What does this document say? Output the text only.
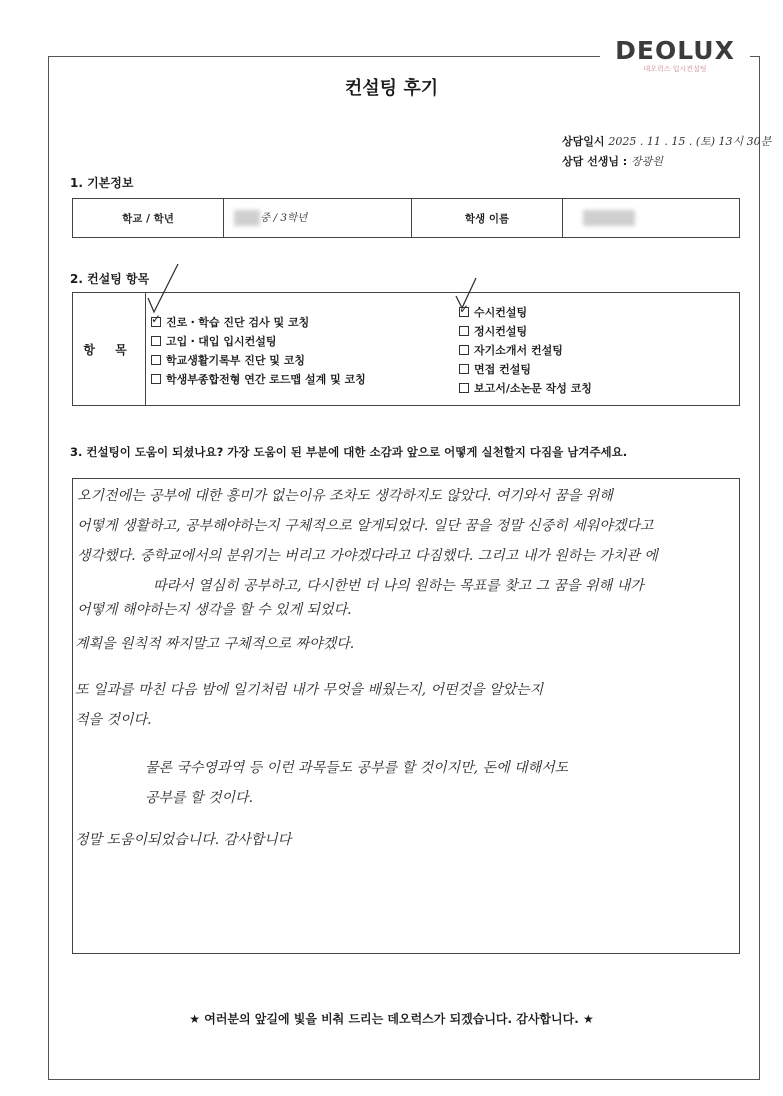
DEOLUX
데오럭스 입시컨설팅
컨설팅 후기
상담일시 2025 . 11 . 15 . (토) 13시 30분
상담 선생님 : 장광원
1. 기본정보
학교 / 학년	중 / 3학년	학생 이름	
2. 컨설팅 항목
항 목
✓진로・학습 진단 검사 및 코칭
고입・대입 입시컨설팅
학교생활기록부 진단 및 코칭
학생부종합전형 연간 로드맵 설계 및 코칭
✓수시컨설팅
정시컨설팅
자기소개서 컨설팅
면접 컨설팅
보고서/소논문 작성 코칭
3. 컨설팅이 도움이 되셨나요? 가장 도움이 된 부분에 대한 소감과 앞으로 어떻게 실천할지 다짐을 남겨주세요.
오기전에는 공부에 대한 흥미가 없는이유 조차도 생각하지도 않았다. 여기와서 꿈을 위해
어떻게 생활하고, 공부해야하는지 구체적으로 알게되었다. 일단 꿈을 정말 신중히 세워야겠다고
생각했다. 중학교에서의 분위기는 버리고 가야겠다라고 다짐했다. 그리고 내가 원하는 가치관 에
따라서 열심히 공부하고, 다시한번 더 나의 원하는 목표를 찾고 그 꿈을 위해 내가
어떻게 해야하는지 생각을 할 수 있게 되었다.
계획을 원칙적 짜지말고 구체적으로 짜야겠다.
또 일과를 마친 다음 밤에 일기처럼 내가 무엇을 배웠는지, 어떤것을 알았는지
적을 것이다.
물론 국수영과역 등 이런 과목들도 공부를 할 것이지만, 돈에 대해서도
공부를 할 것이다.
정말 도움이되었습니다. 감사합니다
★ 여러분의 앞길에 빛을 비춰 드리는 데오럭스가 되겠습니다. 감사합니다. ★
